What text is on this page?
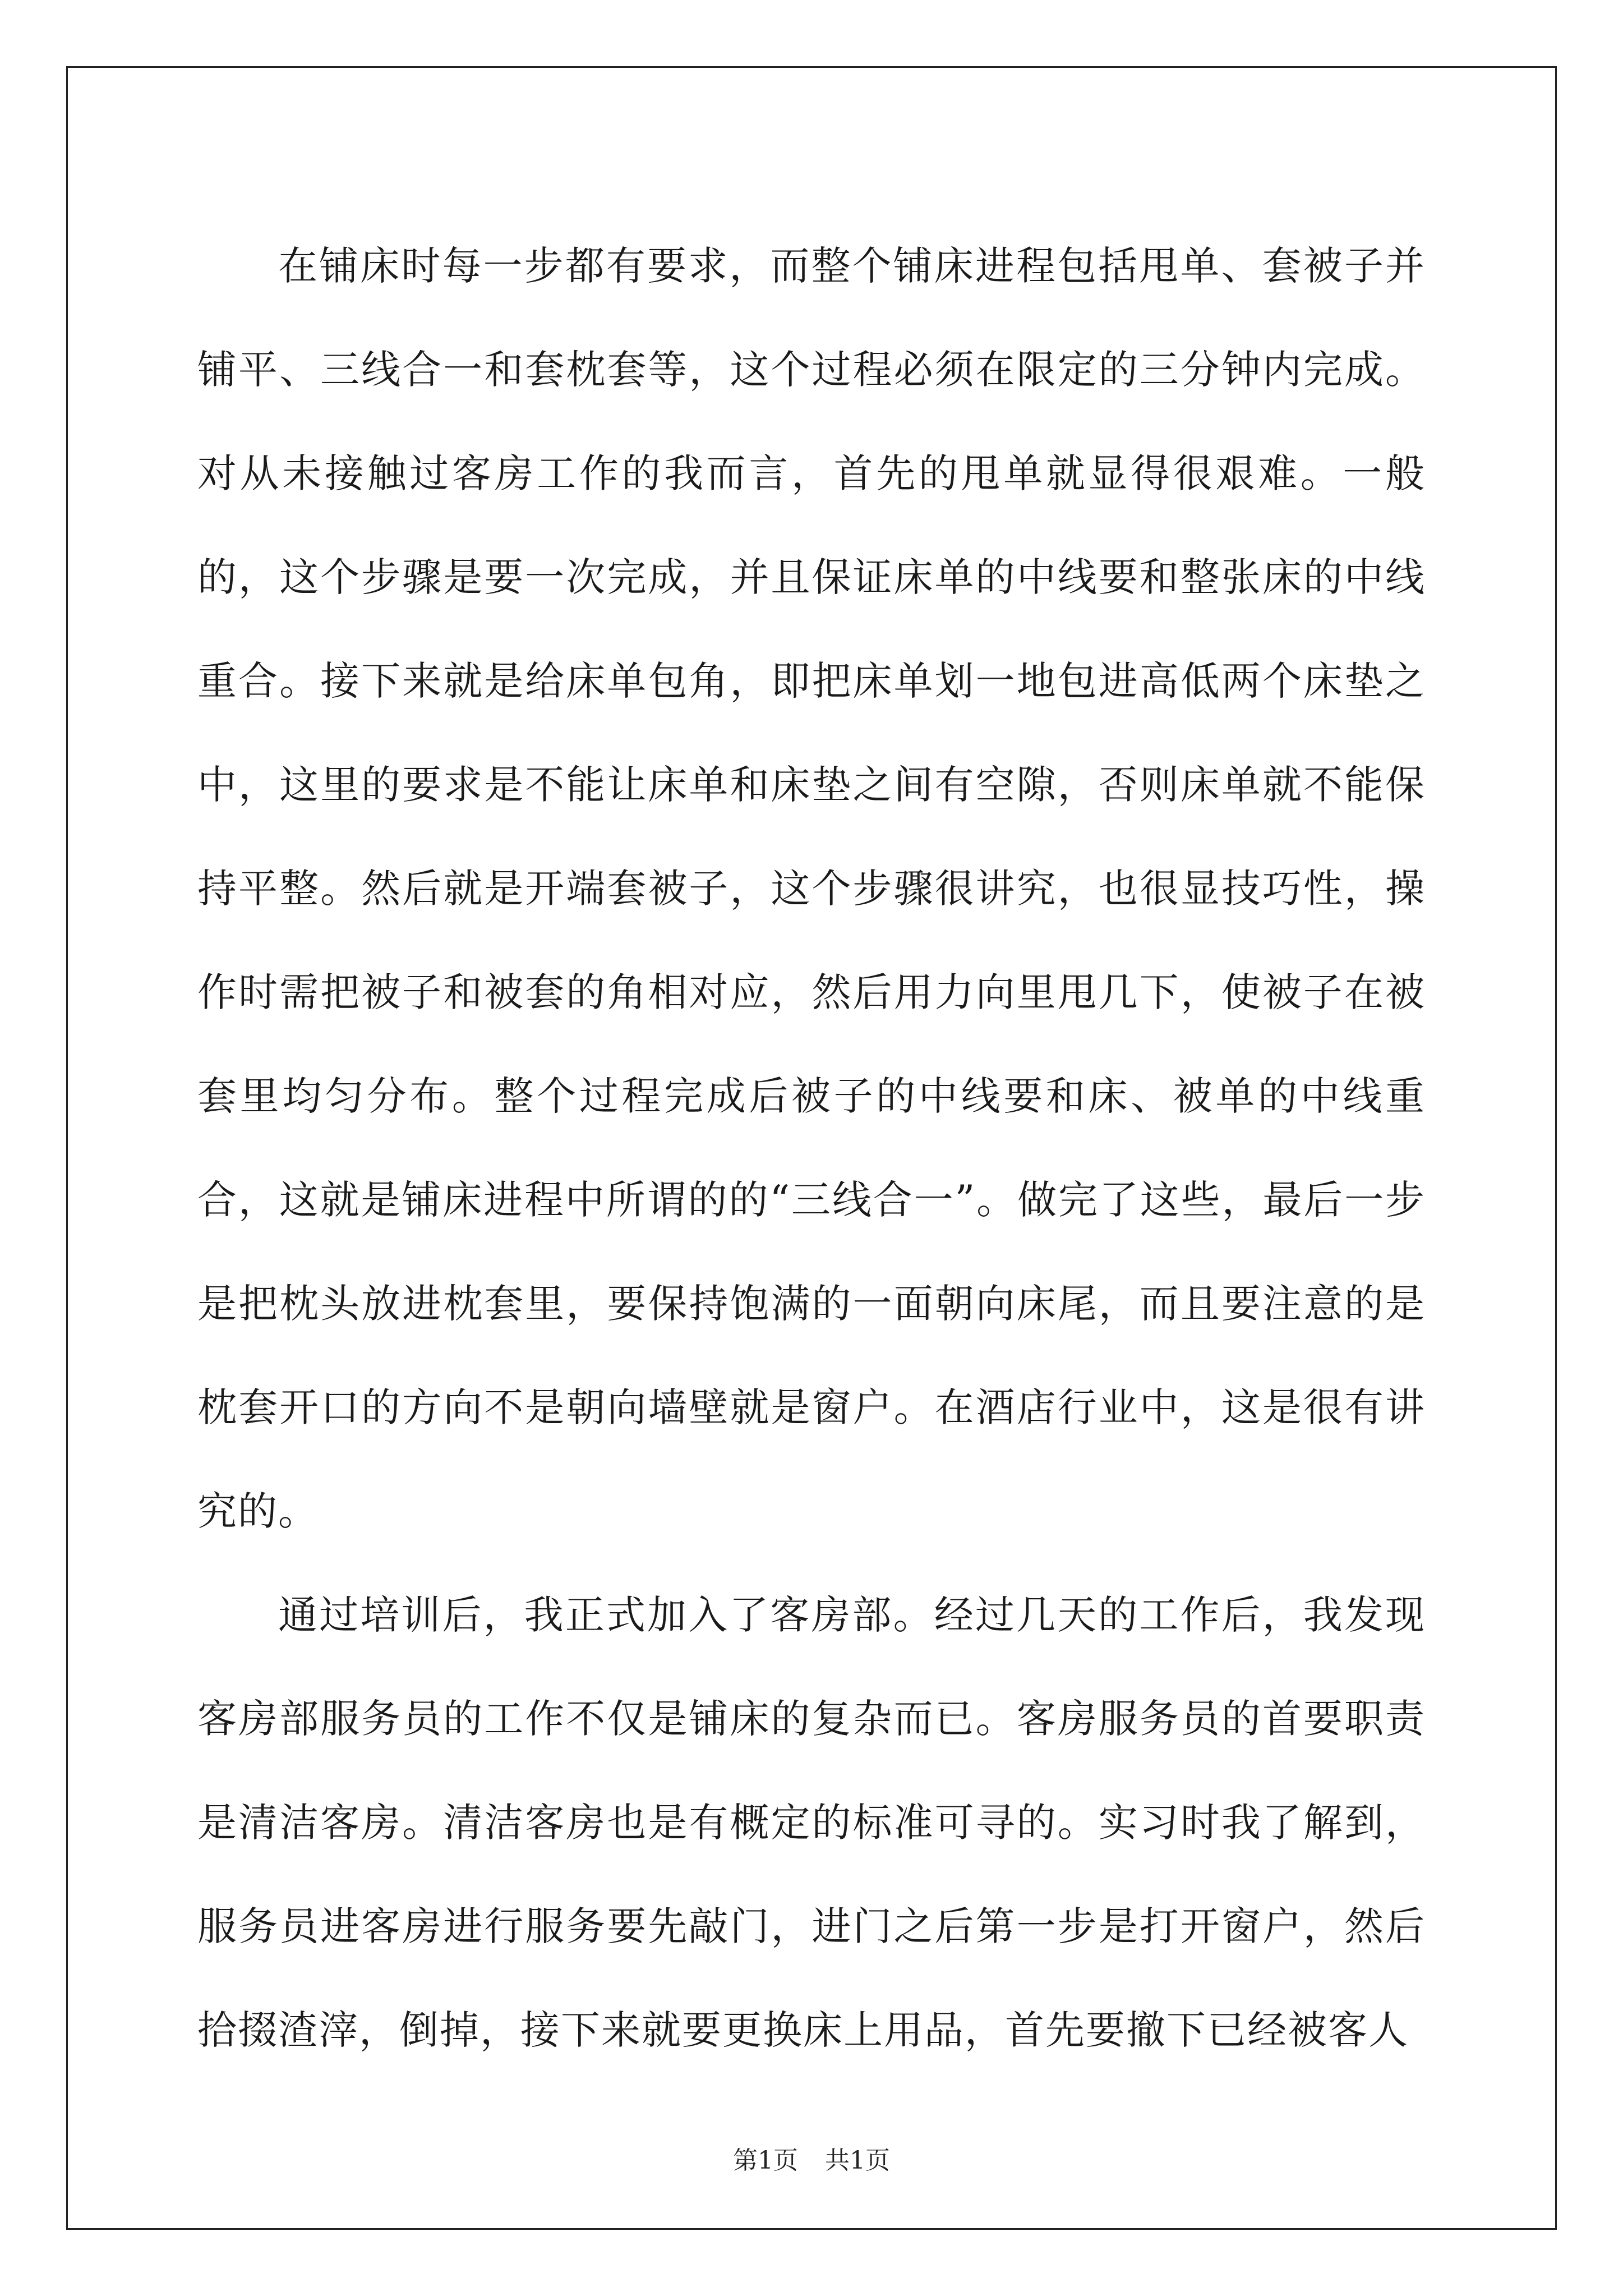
在铺床时每一步都有要求，而整个铺床进程包括甩单、套被子并铺平、三线合一和套枕套等，这个过程必须在限定的三分钟内完成。对从未接触过客房工作的我而言，首先的甩单就显得很艰难。一般的，这个步骤是要一次完成，并且保证床单的中线要和整张床的中线重合。接下来就是给床单包角，即把床单划一地包进高低两个床垫之中，这里的要求是不能让床单和床垫之间有空隙，否则床单就不能保持平整。然后就是开端套被子，这个步骤很讲究，也很显技巧性，操作时需把被子和被套的角相对应，然后用力向里甩几下，使被子在被套里均匀分布。整个过程完成后被子的中线要和床、被单的中线重合，这就是铺床进程中所谓的的“三线合一”。做完了这些，最后一步是把枕头放进枕套里，要保持饱满的一面朝向床尾，而且要注意的是枕套开口的方向不是朝向墙壁就是窗户。在酒店行业中，这是很有讲究的。

通过培训后，我正式加入了客房部。经过几天的工作后，我发现客房部服务员的工作不仅是铺床的复杂而已。客房服务员的首要职责是清洁客房。清洁客房也是有概定的标准可寻的。实习时我了解到，服务员进客房进行服务要先敲门，进门之后第一步是打开窗户，然后拾掇渣滓，倒掉，接下来就要更换床上用品，首先要撤下已经被客人

第1页 共1页
